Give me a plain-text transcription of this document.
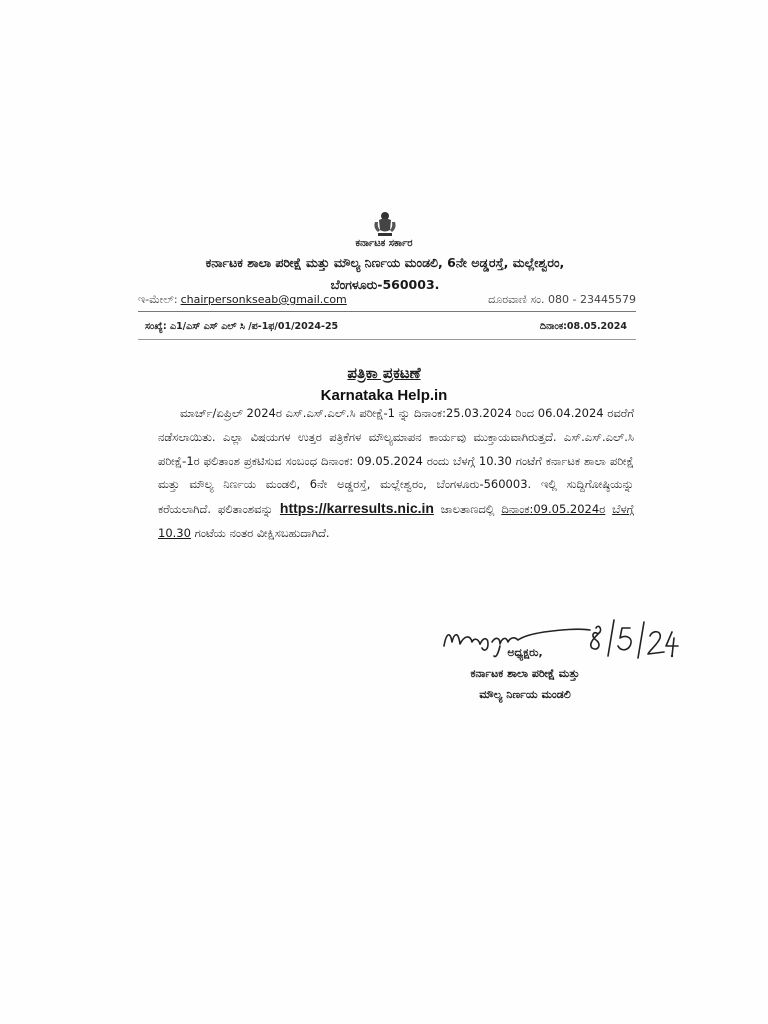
ಕರ್ನಾಟಕ ಸರ್ಕಾರ
ಕರ್ನಾಟಕ ಶಾಲಾ ಪರೀಕ್ಷೆ ಮತ್ತು ಮೌಲ್ಯ ನಿರ್ಣಯ ಮಂಡಲಿ, 6ನೇ ಅಡ್ಡರಸ್ತೆ, ಮಲ್ಲೇಶ್ವರಂ,
ಬೆಂಗಳೂರು-560003.
ಇ-ಮೇಲ್: chairpersonkseab@gmail.com	ದೂರವಾಣಿ ಸಂ. 080 - 23445579
ಸಂಖ್ಯೆ: ಎ1/ಎಸ್ ಎಸ್ ಎಲ್ ಸಿ /ಪ-1ಫ/01/2024-25	ದಿನಾಂಕ:08.05.2024
ಪತ್ರಿಕಾ ಪ್ರಕಟಣೆ
Karnataka Help.in

ಮಾರ್ಚ್/ಏಪ್ರಿಲ್ 2024ರ ಎಸ್.ಎಸ್.ಎಲ್.ಸಿ ಪರೀಕ್ಷೆ-1 ನ್ನು ದಿನಾಂಕ:25.03.2024 ರಿಂದ 06.04.2024 ರವರೆಗೆ ನಡೆಸಲಾಯಿತು. ಎಲ್ಲಾ ವಿಷಯಗಳ ಉತ್ತರ ಪತ್ರಿಕೆಗಳ ಮೌಲ್ಯಮಾಪನ ಕಾರ್ಯವು ಮುಕ್ತಾಯವಾಗಿರುತ್ತದೆ. ಎಸ್.ಎಸ್.ಎಲ್.ಸಿ ಪರೀಕ್ಷೆ-1ರ ಫಲಿತಾಂಶ ಪ್ರಕಟಿಸುವ ಸಂಬಂಧ ದಿನಾಂಕ: 09.05.2024 ರಂದು ಬೆಳಗ್ಗೆ 10.30 ಗಂಟೆಗೆ ಕರ್ನಾಟಕ ಶಾಲಾ ಪರೀಕ್ಷೆ ಮತ್ತು ಮೌಲ್ಯ ನಿರ್ಣಯ ಮಂಡಲಿ, 6ನೇ ಅಡ್ಡರಸ್ತೆ, ಮಲ್ಲೇಶ್ವರಂ, ಬೆಂಗಳೂರು-560003. ಇಲ್ಲಿ ಸುದ್ದಿಗೋಷ್ಠಿಯನ್ನು ಕರೆಯಲಾಗಿದೆ. ಫಲಿತಾಂಶವನ್ನು https://karresults.nic.in ಜಾಲತಾಣದಲ್ಲಿ ದಿನಾಂಕ:09.05.2024ರ ಬೆಳಗ್ಗೆ 10.30 ಗಂಟೆಯ ನಂತರ ವೀಕ್ಷಿಸಬಹುದಾಗಿದೆ.

ಅಧ್ಯಕ್ಷರು,
ಕರ್ನಾಟಕ ಶಾಲಾ ಪರೀಕ್ಷೆ ಮತ್ತು
ಮೌಲ್ಯ ನಿರ್ಣಯ ಮಂಡಲಿ
